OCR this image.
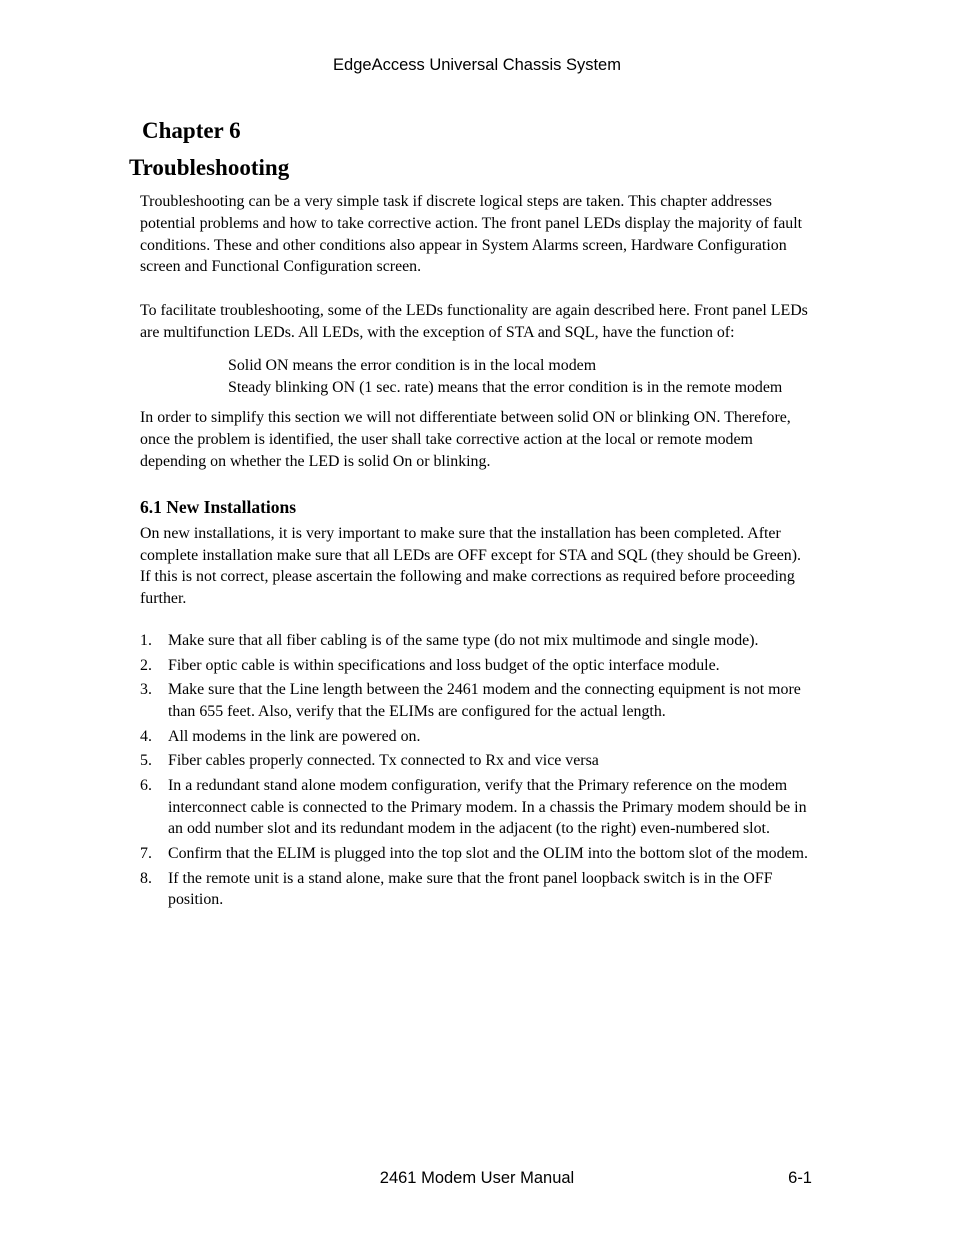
EdgeAccess Universal Chassis System
Chapter 6
Troubleshooting

Troubleshooting can be a very simple task if discrete logical steps are taken. This chapter addresses potential problems and how to take corrective action. The front panel LEDs display the majority of fault conditions. These and other conditions also appear in System Alarms screen, Hardware Configuration screen and Functional Configuration screen.

To facilitate troubleshooting, some of the LEDs functionality are again described here. Front panel LEDs are multifunction LEDs. All LEDs, with the exception of STA and SQL, have the function of:

Solid ON means the error condition is in the local modem

Steady blinking ON (1 sec. rate) means that the error condition is in the remote modem

In order to simplify this section we will not differentiate between solid ON or blinking ON. Therefore, once the problem is identified, the user shall take corrective action at the local or remote modem depending on whether the LED is solid On or blinking.

6.1 New Installations

On new installations, it is very important to make sure that the installation has been completed. After complete installation make sure that all LEDs are OFF except for STA and SQL (they should be Green). If this is not correct, please ascertain the following and make corrections as required before proceeding further.

1. Make sure that all fiber cabling is of the same type (do not mix multimode and single mode).
2. Fiber optic cable is within specifications and loss budget of the optic interface module.
3. Make sure that the Line length between the 2461 modem and the connecting equipment is not more than 655 feet. Also, verify that the ELIMs are configured for the actual length.
4. All modems in the link are powered on.
5. Fiber cables properly connected. Tx connected to Rx and vice versa
6. In a redundant stand alone modem configuration, verify that the Primary reference on the modem interconnect cable is connected to the Primary modem. In a chassis the Primary modem should be in an odd number slot and its redundant modem in the adjacent (to the right) even-numbered slot.
7. Confirm that the ELIM is plugged into the top slot and the OLIM into the bottom slot of the modem.
8. If the remote unit is a stand alone, make sure that the front panel loopback switch is in the OFF position.
2461 Modem User Manual	6-1
